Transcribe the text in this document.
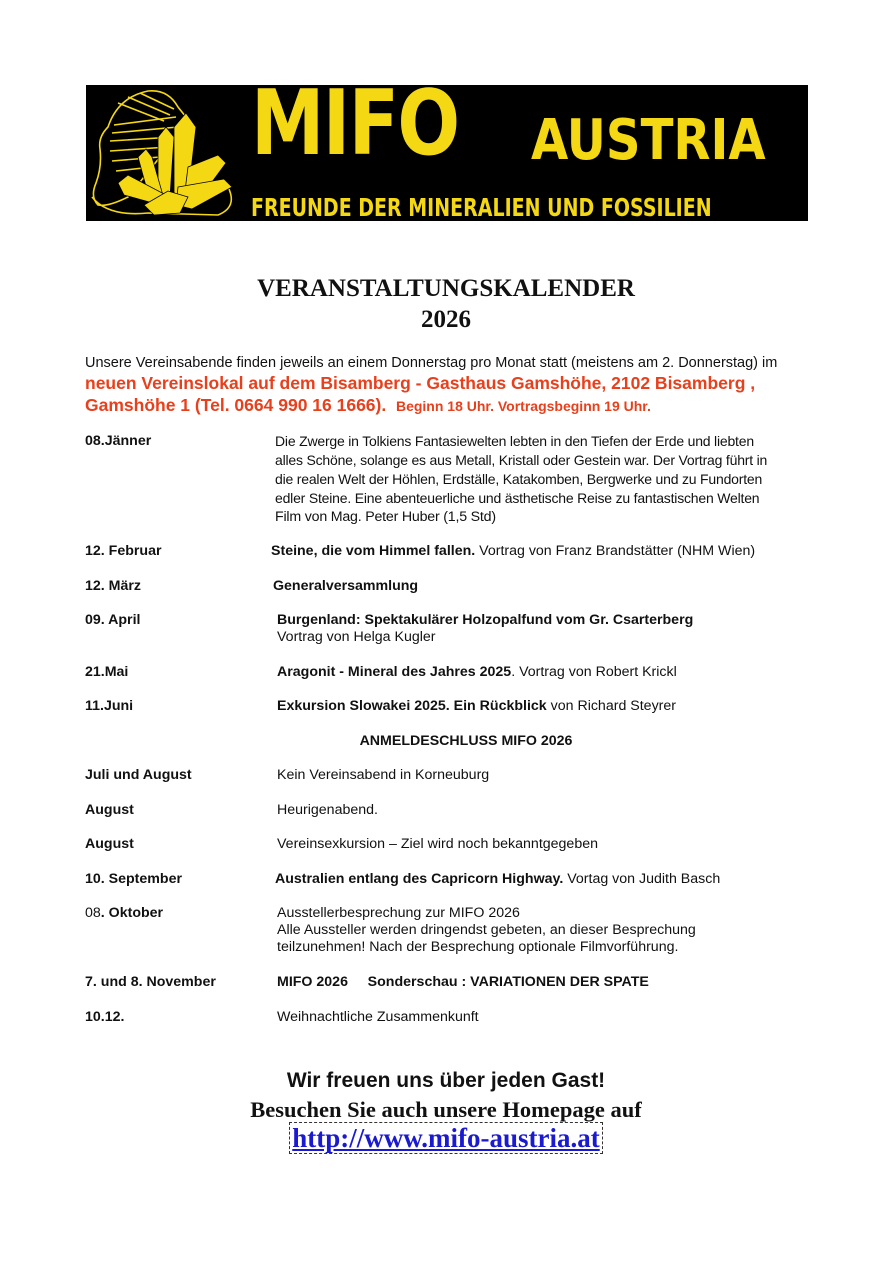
MIFO AUSTRIA
FREUNDE DER MINERALIEN UND FOSSILIEN
VERANSTALTUNGSKALENDER
2026
Unsere Vereinsabende finden jeweils an einem Donnerstag pro Monat statt (meistens am 2. Donnerstag) im
neuen Vereinslokal auf dem Bisamberg - Gasthaus Gamshöhe, 2102 Bisamberg ,
Gamshöhe 1 (Tel. 0664 990 16 1666). Beginn 18 Uhr. Vortragsbeginn 19 Uhr.
08.Jänner	Die Zwerge in Tolkiens Fantasiewelten lebten in den Tiefen der Erde und liebten
alles Schöne, solange es aus Metall, Kristall oder Gestein war. Der Vortrag führt in
die realen Welt der Höhlen, Erdställe, Katakomben, Bergwerke und zu Fundorten
edler Steine. Eine abenteuerliche und ästhetische Reise zu fantastischen Welten
Film von Mag. Peter Huber (1,5 Std)
12. Februar	Steine, die vom Himmel fallen. Vortrag von Franz Brandstätter (NHM Wien)
12. März	Generalversammlung
09. April	Burgenland: Spektakulärer Holzopalfund vom Gr. Csarterberg
Vortrag von Helga Kugler
21.Mai	Aragonit - Mineral des Jahres 2025. Vortrag von Robert Krickl
11.Juni	Exkursion Slowakei 2025. Ein Rückblick von Richard Steyrer
ANMELDESCHLUSS MIFO 2026
Juli und August	Kein Vereinsabend in Korneuburg
August	Heurigenabend.
August	Vereinsexkursion – Ziel wird noch bekanntgegeben
10. September	Australien entlang des Capricorn Highway. Vortag von Judith Basch
08. Oktober	Ausstellerbesprechung zur MIFO 2026
Alle Aussteller werden dringendst gebeten, an dieser Besprechung
teilzunehmen! Nach der Besprechung optionale Filmvorführung.
7. und 8. November	MIFO 2026     Sonderschau : VARIATIONEN DER SPATE
10.12.	Weihnachtliche Zusammenkunft
Wir freuen uns über jeden Gast!
Besuchen Sie auch unsere Homepage auf
http://www.mifo-austria.at
